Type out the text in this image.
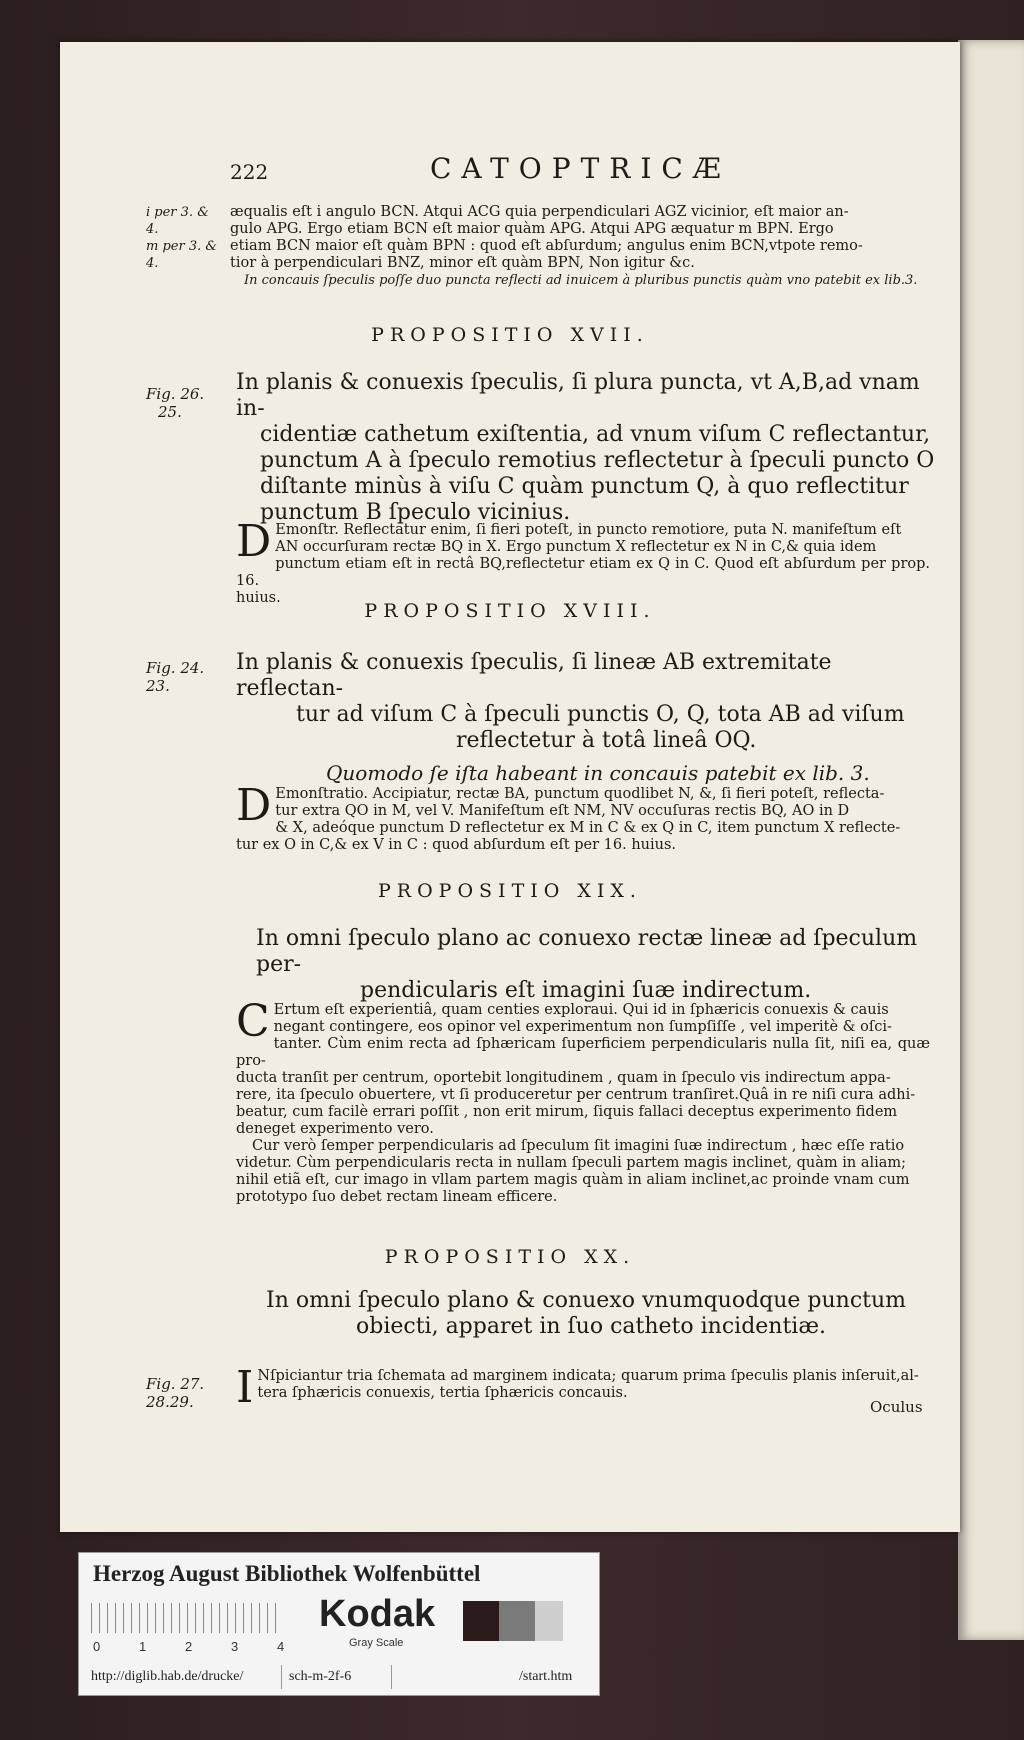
222	CATOPTRICÆ
i per 3. &
4.
m per 3. &
4.
æqualis eſt i angulo BCN. Atqui ACG quia perpendiculari AGZ vicinior, eſt maior an-
gulo APG. Ergo etiam BCN eſt maior quàm APG. Atqui APG æquatur m BPN. Ergo
etiam BCN maior eſt quàm BPN : quod eſt abſurdum; angulus enim BCN,vtpote remo-
tior à perpendiculari BNZ, minor eſt quàm BPN, Non igitur &c.
In concauis ſpeculis poſſe duo puncta reflecti ad inuicem à pluribus punctis quàm vno patebit ex lib.3.
PROPOSITIO XVII.
Fig. 26.
25.
In planis & conuexis ſpeculis, ſi plura puncta, vt A,B,ad vnam in-
cidentiæ cathetum exiſtentia, ad vnum viſum C reflectantur,
punctum A à ſpeculo remotius reflectetur à ſpeculi puncto O
diſtante minùs à viſu C quàm punctum Q, à quo reflectitur
punctum B ſpeculo vicinius.
D Emonſtr. Reflectatur enim, ſi fieri poteſt, in puncto remotiore, puta N. manifeſtum eſt
AN occurſuram rectæ BQ in X. Ergo punctum X reflectetur ex N in C,& quia idem
punctum etiam eſt in rectâ BQ,reflectetur etiam ex Q in C. Quod eſt abſurdum per prop. 16.
huius.
PROPOSITIO XVIII.
Fig. 24.
23.
In planis & conuexis ſpeculis, ſi lineæ AB extremitate reflectan-
tur ad viſum C à ſpeculi punctis O, Q, tota AB ad viſum
reflectetur à totâ lineâ OQ.
Quomodo ſe iſta habeant in concauis patebit ex lib. 3.
D Emonſtratio. Accipiatur, rectæ BA, punctum quodlibet N, &, ſi fieri poteſt, reflecta-
tur extra QO in M, vel V. Manifeſtum eſt NM, NV occuſuras rectis BQ, AO in D
& X, adeóque punctum D reflectetur ex M in C & ex Q in C, item punctum X reflecte-
tur ex O in C,& ex V in C : quod abſurdum eſt per 16. huius.
PROPOSITIO XIX.
In omni ſpeculo plano ac conuexo rectæ lineæ ad ſpeculum per-
pendicularis eſt imagini ſuæ indirectum.
C Ertum eſt experientiâ, quam centies exploraui. Qui id in ſphæricis conuexis & cauis
negant contingere, eos opinor vel experimentum non ſumpſiſſe , vel imperitè & oſci-
tanter. Cùm enim recta ad ſphæricam ſuperficiem perpendicularis nulla ſit, niſi ea, quæ pro-
ducta tranſit per centrum, oportebit longitudinem , quam in ſpeculo vis indirectum appa-
rere, ita ſpeculo obuertere, vt ſi produceretur per centrum tranſiret.Quâ in re niſi cura adhi-
beatur, cum facilè errari poſſit , non erit mirum, ſiquis fallaci deceptus experimento fidem
deneget experimento vero.
Cur verò ſemper perpendicularis ad ſpeculum ſit imagini ſuæ indirectum , hæc eſſe ratio
videtur. Cùm perpendicularis recta in nullam ſpeculi partem magis inclinet, quàm in aliam;
nihil etiã eſt, cur imago in vllam partem magis quàm in aliam inclinet,ac proinde vnam cum
prototypo ſuo debet rectam lineam efficere.
PROPOSITIO XX.
In omni ſpeculo plano & conuexo vnumquodque punctum
obiecti, apparet in ſuo catheto incidentiæ.
Fig. 27.
28.29. I Nſpiciantur tria ſchemata ad marginem indicata; quarum prima ſpeculis planis inſeruit,al-
tera ſphæricis conuexis, tertia ſphæricis concauis.
Oculus
Herzog August Bibliothek Wolfenbüttel
0	1	2	3	4
Kodak
Gray Scale
http://diglib.hab.de/drucke/	sch-m-2f-6	/start.htm
